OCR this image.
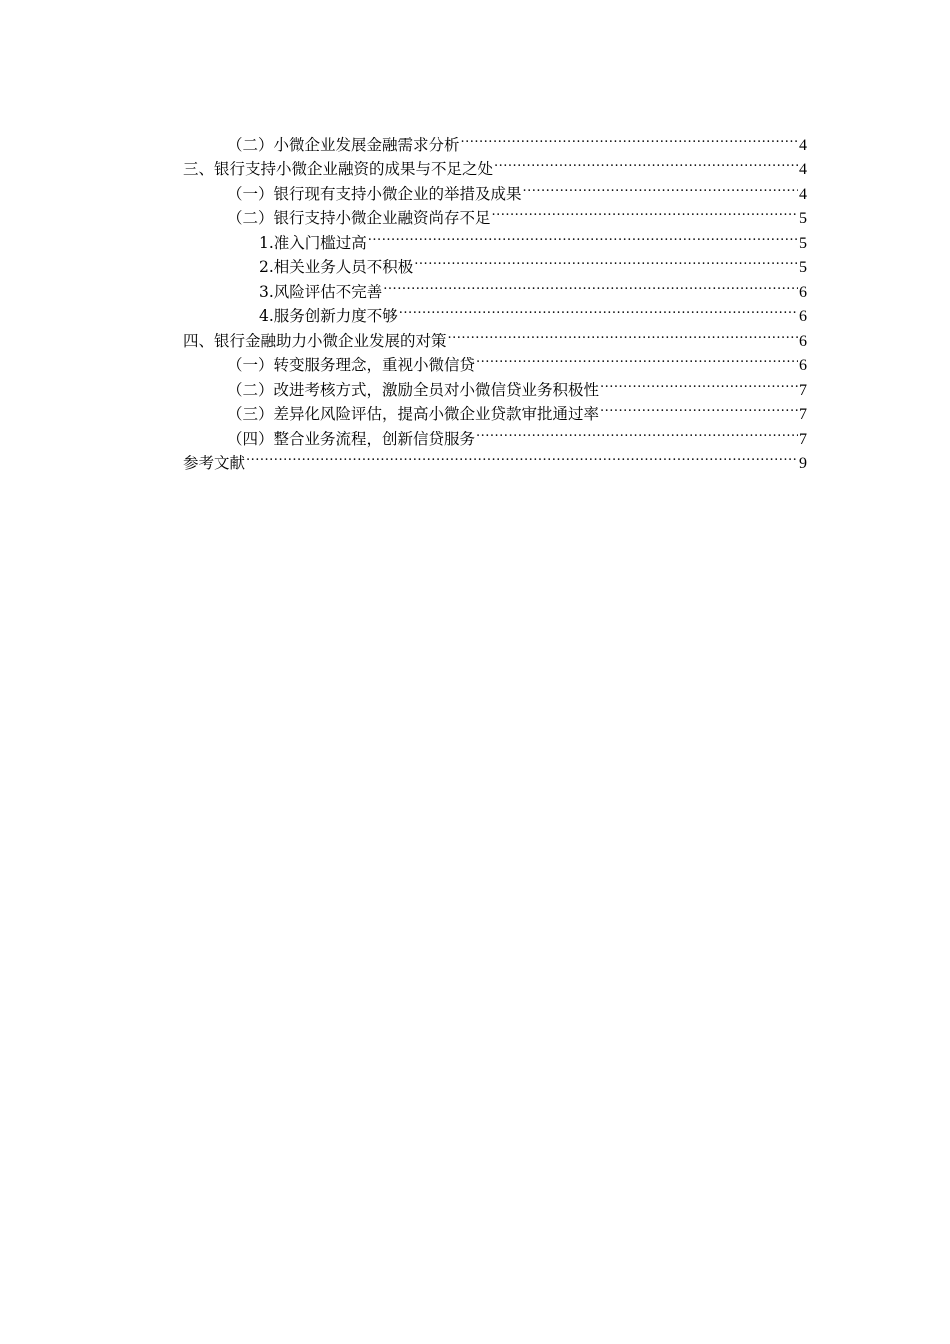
（二）小微企业发展金融需求分析 .....	4
三、银行支持小微企业融资的成果与不足之处 .....	4
（一）银行现有支持小微企业的举措及成果 .....	4
（二）银行支持小微企业融资尚存不足 .....	5
1.准入门槛过高 .....	5
2.相关业务人员不积极 .....	5
3.风险评估不完善 .....	6
4.服务创新力度不够 .....	6
四、银行金融助力小微企业发展的对策 .....	6
（一）转变服务理念，重视小微信贷 .....	6
（二）改进考核方式，激励全员对小微信贷业务积极性 .....	7
（三）差异化风险评估，提高小微企业贷款审批通过率 .....	7
（四）整合业务流程，创新信贷服务 .....	7
参考文献 .....	9
